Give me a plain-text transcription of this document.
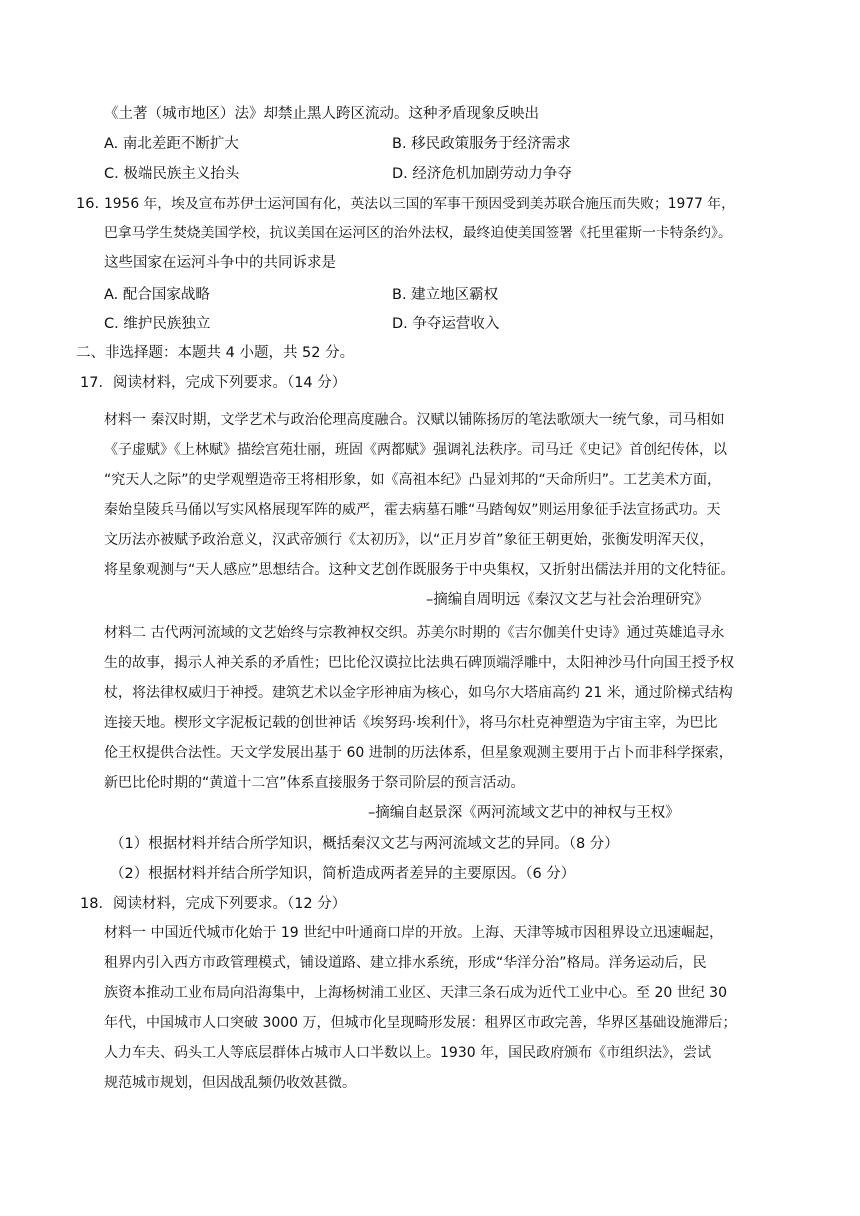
《土著（城市地区）法》却禁止黑人跨区流动。这种矛盾现象反映出
A. 南北差距不断扩大	B. 移民政策服务于经济需求
C. 极端民族主义抬头	D. 经济危机加剧劳动力争夺
16. 1956 年，埃及宣布苏伊士运河国有化，英法以三国的军事干预因受到美苏联合施压而失败；1977 年，
巴拿马学生焚烧美国学校，抗议美国在运河区的治外法权，最终迫使美国签署《托里霍斯一卡特条约》。
这些国家在运河斗争中的共同诉求是
A. 配合国家战略	B. 建立地区霸权
C. 维护民族独立	D. 争夺运营收入
二、非选择题：本题共 4 小题，共 52 分。
17．阅读材料，完成下列要求。（14 分）
材料一 秦汉时期，文学艺术与政治伦理高度融合。汉赋以铺陈扬厉的笔法歌颂大一统气象，司马相如
《子虚赋》《上林赋》描绘宫苑壮丽，班固《两都赋》强调礼法秩序。司马迁《史记》首创纪传体，以
“究天人之际”的史学观塑造帝王将相形象，如《高祖本纪》凸显刘邦的“天命所归”。工艺美术方面，
秦始皇陵兵马俑以写实风格展现军阵的威严，霍去病墓石雕“马踏匈奴”则运用象征手法宣扬武功。天
文历法亦被赋予政治意义，汉武帝颁行《太初历》，以“正月岁首”象征王朝更始，张衡发明浑天仪，
将星象观测与“天人感应”思想结合。这种文艺创作既服务于中央集权，又折射出儒法并用的文化特征。
–摘编自周明远《秦汉文艺与社会治理研究》
材料二 古代两河流域的文艺始终与宗教神权交织。苏美尔时期的《吉尔伽美什史诗》通过英雄追寻永
生的故事，揭示人神关系的矛盾性；巴比伦汉谟拉比法典石碑顶端浮雕中，太阳神沙马什向国王授予权
杖，将法律权威归于神授。建筑艺术以金字形神庙为核心，如乌尔大塔庙高约 21 米，通过阶梯式结构
连接天地。楔形文字泥板记载的创世神话《埃努玛·埃利什》，将马尔杜克神塑造为宇宙主宰，为巴比
伦王权提供合法性。天文学发展出基于 60 进制的历法体系，但星象观测主要用于占卜而非科学探索，
新巴比伦时期的“黄道十二宫”体系直接服务于祭司阶层的预言活动。
–摘编自赵景深《两河流域文艺中的神权与王权》
（1）根据材料并结合所学知识，概括秦汉文艺与两河流域文艺的异同。（8 分）
（2）根据材料并结合所学知识，简析造成两者差异的主要原因。（6 分）
18．阅读材料，完成下列要求。（12 分）
材料一 中国近代城市化始于 19 世纪中叶通商口岸的开放。上海、天津等城市因租界设立迅速崛起，
租界内引入西方市政管理模式，铺设道路、建立排水系统，形成“华洋分治”格局。洋务运动后，民
族资本推动工业布局向沿海集中，上海杨树浦工业区、天津三条石成为近代工业中心。至 20 世纪 30
年代，中国城市人口突破 3000 万，但城市化呈现畸形发展：租界区市政完善，华界区基础设施滞后；
人力车夫、码头工人等底层群体占城市人口半数以上。1930 年，国民政府颁布《市组织法》，尝试
规范城市规划，但因战乱频仍收效甚微。
